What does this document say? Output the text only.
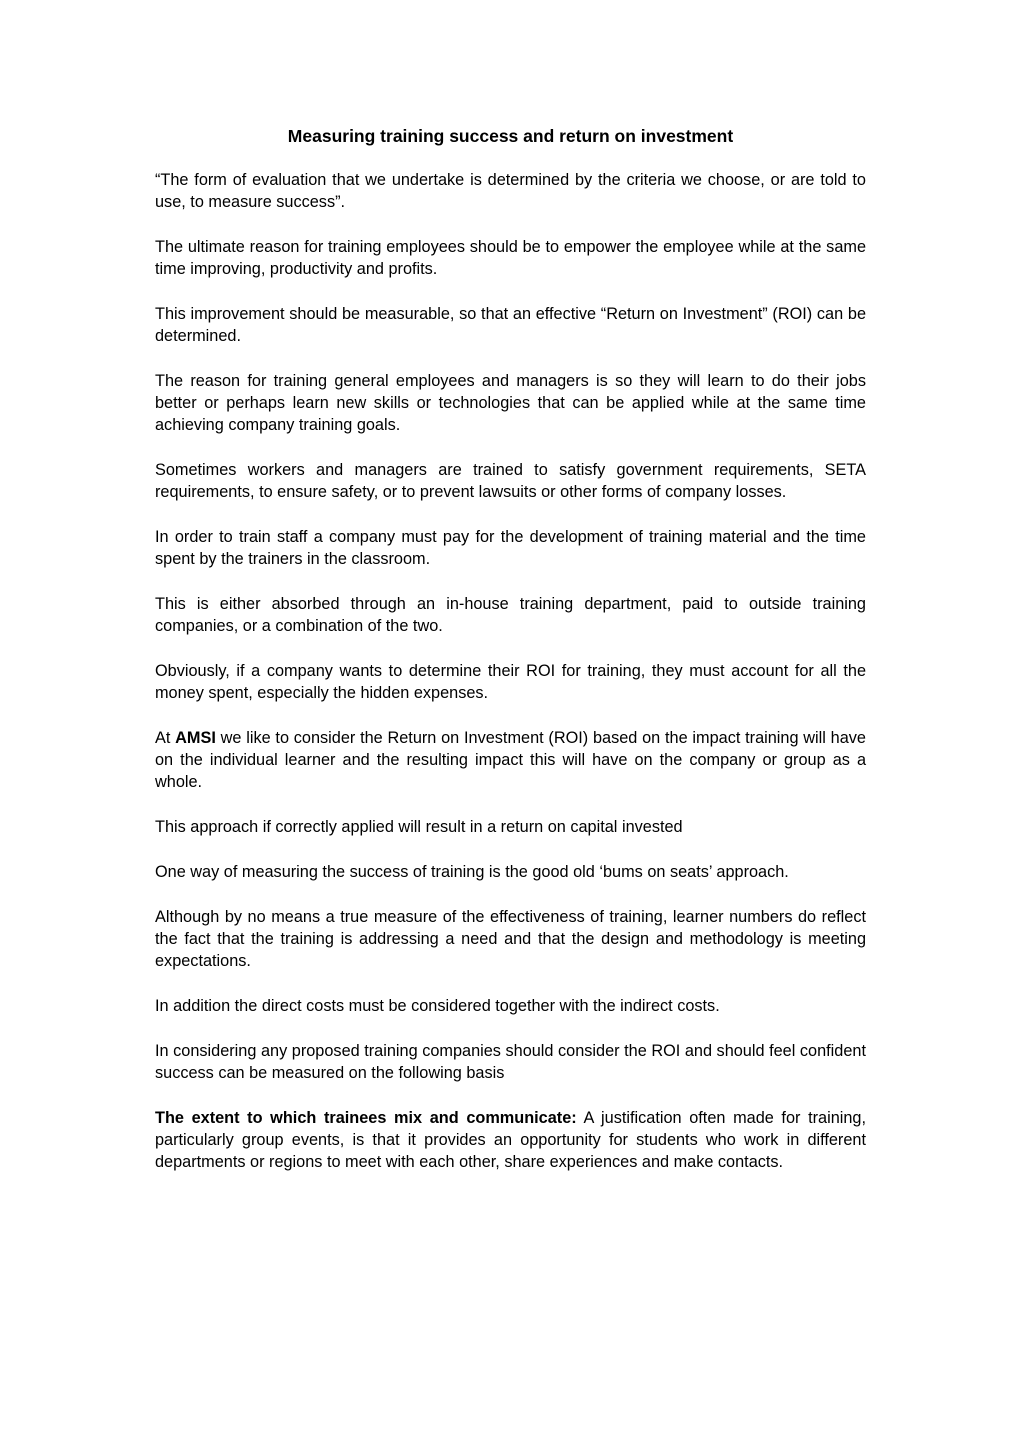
Measuring training success and return on investment

“The form of evaluation that we undertake is determined by the criteria we choose, or are told to use, to measure success”.

The ultimate reason for training employees should be to empower the employee while at the same time improving, productivity and profits.

This improvement should be measurable, so that an effective “Return on Investment” (ROI) can be determined.

The reason for training general employees and managers is so they will learn to do their jobs better or perhaps learn new skills or technologies that can be applied while at the same time achieving company training goals.

Sometimes workers and managers are trained to satisfy government requirements, SETA requirements, to ensure safety, or to prevent lawsuits or other forms of company losses.

In order to train staff a company must pay for the development of training material and the time spent by the trainers in the classroom.

This is either absorbed through an in-house training department, paid to outside training companies, or a combination of the two.

Obviously, if a company wants to determine their ROI for training, they must account for all the money spent, especially the hidden expenses.

At AMSI we like to consider the Return on Investment (ROI) based on the impact training will have on the individual learner and the resulting impact this will have on the company or group as a whole.

This approach if correctly applied will result in a return on capital invested

One way of measuring the success of training is the good old ‘bums on seats’ approach.

Although by no means a true measure of the effectiveness of training, learner numbers do reflect the fact that the training is addressing a need and that the design and methodology is meeting expectations.

In addition the direct costs must be considered together with the indirect costs.

In considering any proposed training companies should consider the ROI and should feel confident success can be measured on the following basis

The extent to which trainees mix and communicate: A justification often made for training, particularly group events, is that it provides an opportunity for students who work in different departments or regions to meet with each other, share experiences and make contacts.
